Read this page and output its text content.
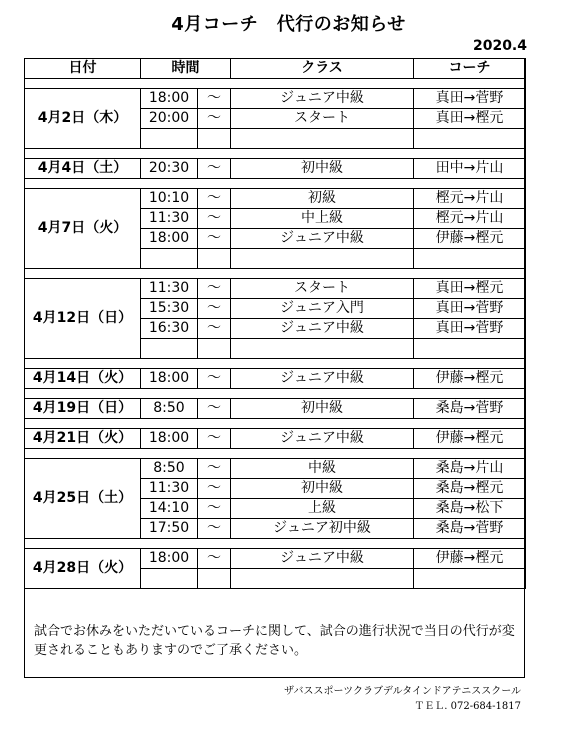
4月コーチ　代行のお知らせ
2020.4
日付	時間		クラス	コーチ

4月2日（木）	18:00	～	ジュニア中級	真田→菅野
	20:00	～	スタート	真田→樫元

4月4日（土）	20:30	～	初中級	田中→片山

4月7日（火）	10:10	～	初級	樫元→片山
	11:30	～	中上級	樫元→片山
	18:00	～	ジュニア中級	伊藤→樫元

4月12日（日）	11:30	～	スタート	真田→樫元
	15:30	～	ジュニア入門	真田→菅野
	16:30	～	ジュニア中級	真田→菅野

4月14日（火）	18:00	～	ジュニア中級	伊藤→樫元

4月19日（日）	8:50	～	初中級	桑島→菅野

4月21日（火）	18:00	～	ジュニア中級	伊藤→樫元

4月25日（土）	8:50	～	中級	桑島→片山
	11:30	～	初中級	桑島→樫元
	14:10	～	上級	桑島→松下
	17:50	～	ジュニア初中級	桑島→菅野

4月28日（火）	18:00	～	ジュニア中級	伊藤→樫元

試合でお休みをいただいているコーチに関して、試合の進行状況で当日の代行が変更されることもありますのでご了承ください。
ザバススポーツクラブデルタインドアテニススクール
ＴＥＬ. 072-684-1817
